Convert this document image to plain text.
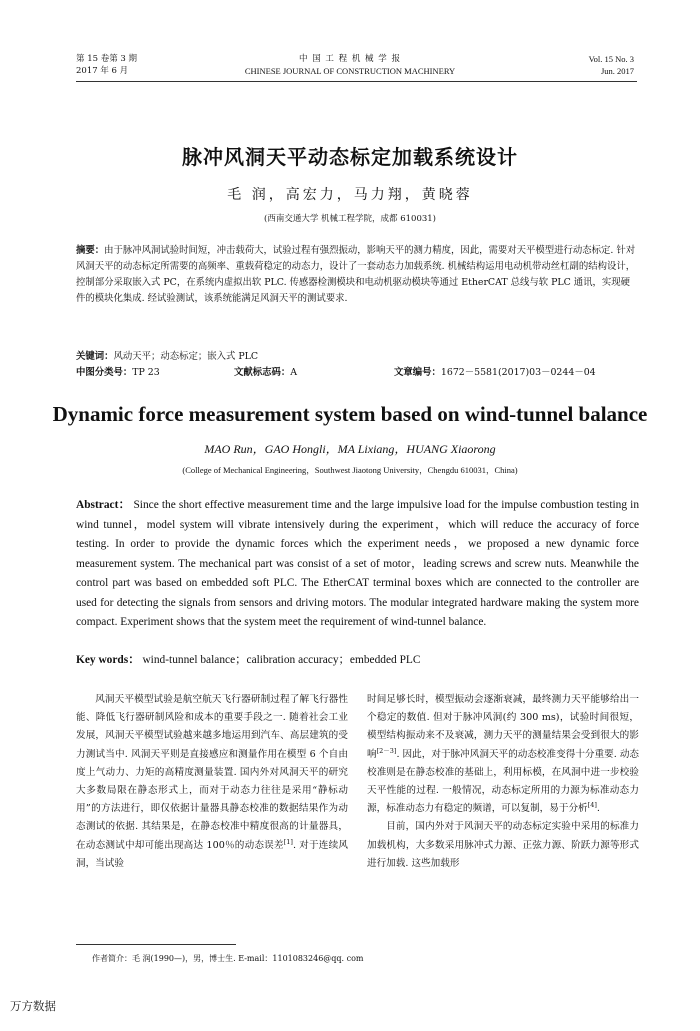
第 15 卷第 3 期
2017 年 6 月
中 国 工 程 机 械 学 报
CHINESE JOURNAL OF CONSTRUCTION MACHINERY
Vol. 15 No. 3
Jun. 2017
脉冲风洞天平动态标定加载系统设计
毛 润，高宏力，马力翔，黄晓蓉
(西南交通大学 机械工程学院，成都 610031)
摘要：由于脉冲风洞试验时间短，冲击载荷大，试验过程有强烈振动，影响天平的测力精度，因此，需要对天平模型进行动态标定. 针对风洞天平的动态标定所需要的高频率、重载荷稳定的动态力，设计了一套动态力加载系统. 机械结构运用电动机带动丝杠副的结构设计，控制部分采取嵌入式 PC，在系统内虚拟出软 PLC. 传感器检测模块和电动机驱动模块等通过 EtherCAT 总线与软 PLC 通讯，实现硬件的模块化集成. 经试验测试，该系统能满足风洞天平的测试要求.
关键词：风动天平；动态标定；嵌入式 PLC
中图分类号：TP 23	文献标志码：A	文章编号：1672－5581(2017)03－0244－04
Dynamic force measurement system based on wind-tunnel balance
MAO Run，GAO Hongli，MA Lixiang，HUANG Xiaorong
(College of Mechanical Engineering，Southwest Jiaotong University，Chengdu 610031，China)
Abstract： Since the short effective measurement time and the large impulsive load for the impulse combustion testing in wind tunnel，model system will vibrate intensively during the experiment，which will reduce the accuracy of force testing. In order to provide the dynamic forces which the experiment needs，we proposed a new dynamic force measurement system. The mechanical part was consist of a set of motor，leading screws and screw nuts. Meanwhile the control part was based on embedded soft PLC. The EtherCAT terminal boxes which are connected to the controller are used for detecting the signals from sensors and driving motors. The modular integrated hardware making the system more compact. Experiment shows that the system meet the requirement of wind-tunnel balance.
Key words： wind-tunnel balance；calibration accuracy；embedded PLC

风洞天平模型试验是航空航天飞行器研制过程了解飞行器性能、降低飞行器研制风险和成本的重要手段之一. 随着社会工业发展，风洞天平模型试验越来越多地运用到汽车、高层建筑的受力测试当中. 风洞天平则是直接感应和测量作用在模型 6 个自由度上气动力、力矩的高精度测量装置. 国内外对风洞天平的研究大多数局限在静态形式上，而对于动态力往往是采用“静标动用”的方法进行，即仅依据计量器具静态校准的数据结果作为动态测试的依据. 其结果是，在静态校准中精度很高的计量器具，在动态测试中却可能出现高达 100％的动态误差[1]. 对于连续风洞，当试验

时间足够长时，模型振动会逐渐衰减，最终测力天平能够给出一个稳定的数值. 但对于脉冲风洞(约 300 ms)，试验时间很短，模型结构振动来不及衰减，测力天平的测量结果会受到很大的影响[2－3]. 因此，对于脉冲风洞天平的动态校准变得十分重要. 动态校准则是在静态校准的基础上，利用标模，在风洞中进一步校验天平性能的过程. 一般情况，动态标定所用的力源为标准动态力源，标准动态力有稳定的频谱，可以复制，易于分析[4].

目前，国内外对于风洞天平的动态标定实验中采用的标准力加载机构，大多数采用脉冲式力源、正弦力源、阶跃力源等形式进行加载. 这些加载形

作者简介：毛 润(1990—)，男，博士生. E-mail：1101083246@qq. com
万方数据
